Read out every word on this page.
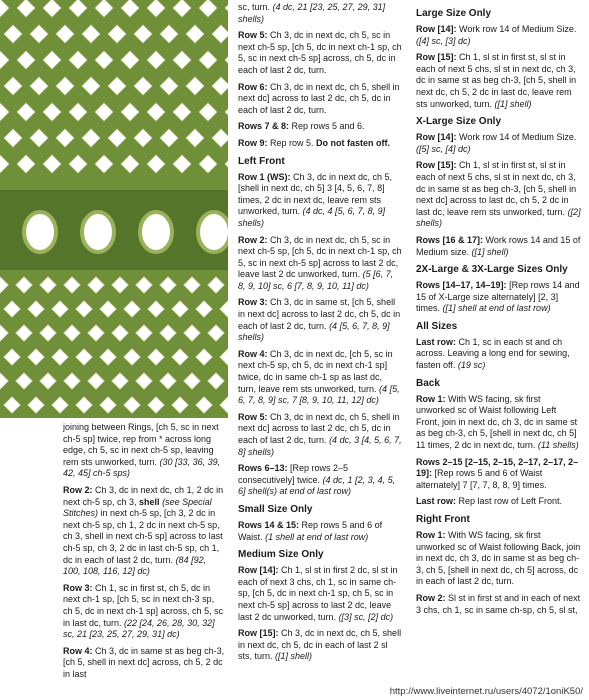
joining between Rings, [ch 5, sc in next ch-5 sp] twice, rep from * across long edge, ch 5, sc in next ch-5 sp, leaving rem sts unworked, turn. (30 [33, 36, 39, 42, 45] ch-5 sps)

Row 2: Ch 3, dc in next dc, ch 1, 2 dc in next ch-5 sp, ch 3, shell (see Special Stitches) in next ch-5 sp, [ch 3, 2 dc in next ch-5 sp, ch 1, 2 dc in next ch-5 sp, ch 3, shell in next ch-5 sp] across to last ch-5 sp, ch 3, 2 dc in last ch-5 sp, ch 1, dc in each of last 2 dc, turn. (84 [92, 100, 108, 116, 12] dc)

Row 3: Ch 1, sc in first st, ch 5, dc in next ch-1 sp, [ch 5, sc in next ch-3 sp, ch 5, dc in next ch-1 sp] across, ch 5, sc in last dc, turn. (22 [24, 26, 28, 30, 32] sc, 21 [23, 25, 27, 29, 31] dc)

Row 4: Ch 3, dc in same st as beg ch-3, [ch 5, shell in next dc] across, ch 5, 2 dc in last

sc, turn. (4 dc, 21 [23, 25, 27, 29, 31] shells)

Row 5: Ch 3, dc in next dc, ch 5, sc in next ch-5 sp, [ch 5, dc in next ch-1 sp, ch 5, sc in next ch-5 sp] across, ch 5, dc in each of last 2 dc, turn.

Row 6: Ch 3, dc in next dc, ch 5, shell in next dc] across to last 2 dc, ch 5, dc in each of last 2 dc, turn.

Rows 7 & 8: Rep rows 5 and 6.

Row 9: Rep row 5. Do not fasten off.

Left Front

Row 1 (WS): Ch 3, dc in next dc, ch 5, [shell in next dc, ch 5] 3 [4, 5, 6, 7, 8] times, 2 dc in next dc, leave rem sts unworked, turn. (4 dc, 4 [5, 6, 7, 8, 9] shells)

Row 2: Ch 3, dc in next dc, ch 5, sc in next ch-5 sp, [ch 5, dc in next ch-1 sp, ch 5, sc in next ch-5 sp] across to last 2 dc, leave last 2 dc unworked, turn. (5 [6, 7, 8, 9, 10] sc, 6 [7, 8, 9, 10, 11] dc)

Row 3: Ch 3, dc in same st, [ch 5, shell in next dc] across to last 2 dc, ch 5, dc in each of last 2 dc, turn. (4 [5, 6, 7, 8, 9] shells)

Row 4: Ch 3, dc in next dc, [ch 5, sc in next ch-5 sp, ch 5, dc in next ch-1 sp] twice, dc in same ch-1 sp as last dc, turn, leave rem sts unworked, turn. (4 [5, 6, 7, 8, 9] sc, 7 [8, 9, 10, 11, 12] dc)

Row 5: Ch 3, dc in next dc, ch 5, shell in next dc] across to last 2 dc, ch 5, dc in each of last 2 dc, turn. (4 dc, 3 [4, 5, 6, 7, 8] shells)

Rows 6–13: [Rep rows 2–5 consecutively] twice. (4 dc, 1 [2, 3, 4, 5, 6] shell(s) at end of last row)

Small Size Only

Rows 14 & 15: Rep rows 5 and 6 of Waist. (1 shell at end of last row)

Medium Size Only

Row [14]: Ch 1, sl st in first 2 dc, sl st in each of next 3 chs, ch 1, sc in same ch-sp, [ch 5, dc in next ch-1 sp, ch 5, sc in next ch-5 sp] across to last 2 dc, leave last 2 dc unworked, turn. ([3] sc, [2] dc)

Row [15]: Ch 3, dc in next dc, ch 5, shell in next dc, ch 5, dc in each of last 2 sl sts, turn. ([1] shell)

Large Size Only

Row [14]: Work row 14 of Medium Size. ([4] sc, [3] dc)

Row [15]: Ch 1, sl st in first st, sl st in each of next 5 chs, sl st in next dc, ch 3, dc in same st as beg ch-3, [ch 5, shell in next dc, ch 5, 2 dc in last dc, leave rem sts unworked, turn. ([1] shell)

X-Large Size Only

Row [14]: Work row 14 of Medium Size. ([5] sc, [4] dc)

Row [15]: Ch 1, sl st in first st, sl st in each of next 5 chs, sl st in next dc, ch 3, dc in same st as beg ch-3, [ch 5, shell in next dc] across to last dc, ch 5, 2 dc in last dc, leave rem sts unworked, turn. ([2] shells)

Rows [16 & 17]: Work rows 14 and 15 of Medium size. ([1] shell)

2X-Large & 3X-Large Sizes Only

Rows [14–17, 14–19]: [Rep rows 14 and 15 of X-Large size alternately] [2, 3] times. ([1] shell at end of last row)

All Sizes

Last row: Ch 1, sc in each st and ch across. Leaving a long end for sewing, fasten off. (19 sc)

Back

Row 1: With WS facing, sk first unworked sc of Waist following Left Front, join in next dc, ch 3, dc in same st as beg ch-3, ch 5, [shell in next dc, ch 5] 11 times, 2 dc in next dc, turn. (11 shells)

Rows 2–15 [2–15, 2–15, 2–17, 2–17, 2–19]: [Rep rows 5 and 6 of Waist alternately] 7 [7, 7, 8, 8, 9] times.

Last row: Rep last row of Left Front.

Right Front

Row 1: With WS facing, sk first unworked sc of Waist following Back, join in next dc, ch 3, dc in same st as beg ch-3, ch 5, [shell in next dc, ch 5] across, dc in each of last 2 dc, turn.

Row 2: Sl st in first st and in each of next 3 chs, ch 1, sc in same ch-sp, ch 5, sl st,

http://www.liveinternet.ru/users/4072/1oniK50/
